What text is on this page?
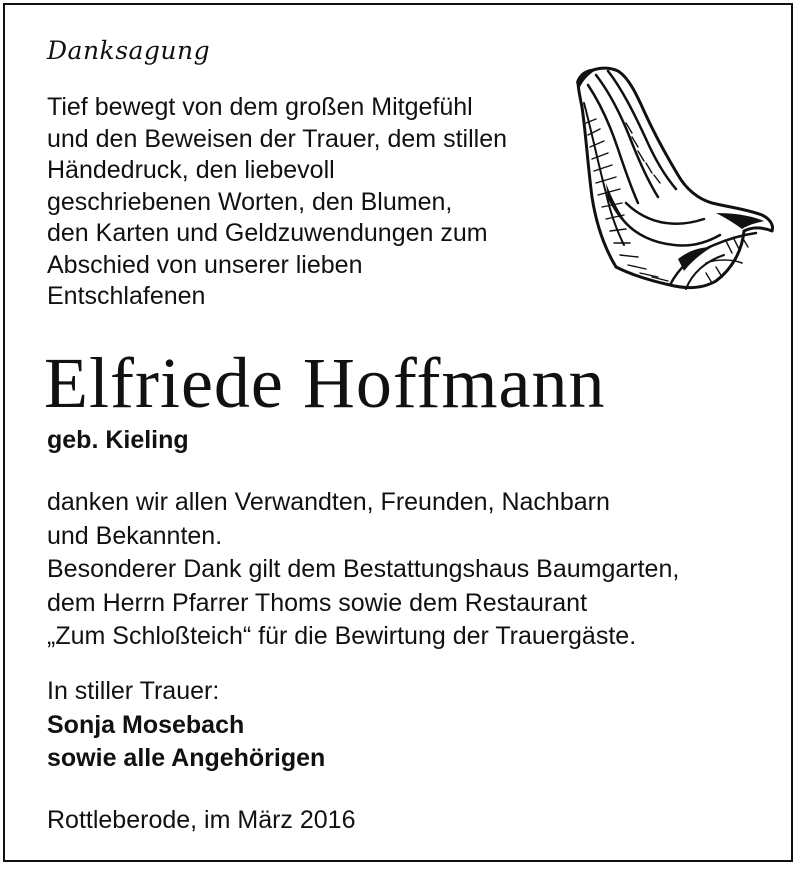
Danksagung
Tief bewegt von dem großen Mitgefühl
und den Beweisen der Trauer, dem stillen
Händedruck, den liebevoll
geschriebenen Worten, den Blumen,
den Karten und Geldzuwendungen zum
Abschied von unserer lieben
Entschlafenen
Elfriede Hoffmann
geb. Kieling
danken wir allen Verwandten, Freunden, Nachbarn
und Bekannten.
Besonderer Dank gilt dem Bestattungshaus Baumgarten,
dem Herrn Pfarrer Thoms sowie dem Restaurant
„Zum Schloßteich“ für die Bewirtung der Trauergäste.
In stiller Trauer:
Sonja Mosebach
sowie alle Angehörigen
Rottleberode, im März 2016
